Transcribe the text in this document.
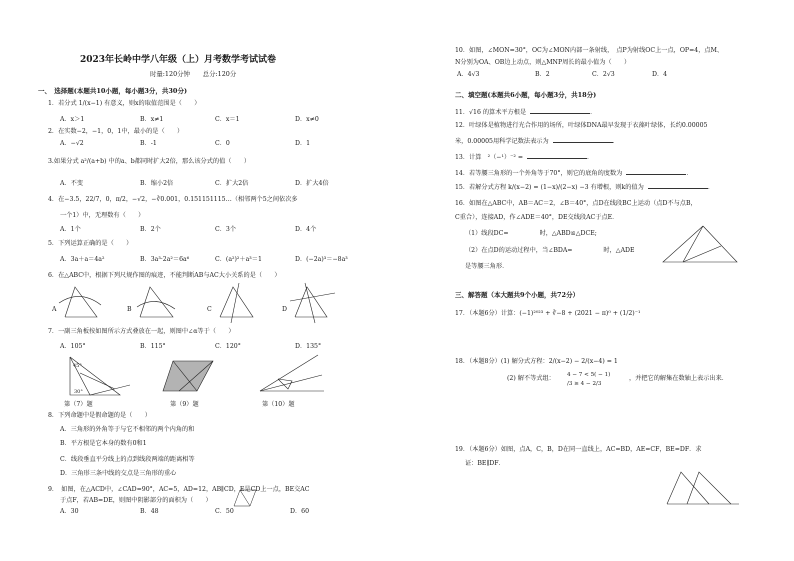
2023年长岭中学八年级（上）月考数学考试试卷
时量:120分钟　　总分:120分
一、　选择题(本题共10小题，每小题3分，共30分)
1．若分式 1/(x−1) 有意义，则x的取值范围是（　　）
A．x＞1	B．x≠1	C．x＝1	D．x≠0
2．在实数−2，−1，0，1中，最小的是（　　）
A．−√2	B．-1	C．0	D．1
3.如果分式 a²/(a+b) 中的a、b都同时扩大2倍，那么该分式的值（　　）
A．不变	B．缩小2倍	C．扩大2倍	D．扩大4倍
4．在−3.5，22/7，0，π/2，−√2，−∛0.001，0.151151115…（相邻两个5之间依次多
一个1）中，无理数有（　　）
A．1个	B．2个	C．3个	D．4个
5．下列运算正确的是（　　）
A．3a＋a＝4a²	B．3a³·2a²＝6a⁶	C．(a²)²＋a³＝1	D．(−2a)³＝−8a³
6．在△ABC中，根据下列尺规作图的痕迹，不能判断AB与AC大小关系的是（　　）
A	B	C	D
7．一副三角板按如图所示方式叠放在一起，则图中∠α等于（　　）
A．105°	B．115°	C．120°	D．135°
45°
30°
第（7）题	第（9）题	第（10）题
8．下列命题中是假命题的是（　　）
A．三角形的外角等于与它不相邻的两个内角的和
B．平方根是它本身的数有0和1
C．线段垂直平分线上的点到线段两端的距离相等
D．三角形三条中线的交点是三角形的重心
9．　如图，在△ACD中，∠CAD=90°，AC=5，AD=12，AB∥CD，E是CD上一点，BE交AC
于点F，若AB=DE，则图中阴影部分的面积为（　　）
A．30	B．48	C．50	D．60
10．如图，∠MON=30°，OC为∠MON内部一条射线，　点P为射线OC上一点，OP=4，点M、
N分别为OA、OB边上动点，则△MNP周长的最小值为（　　）
A．4√3	B．2	C．2√3	D．4
二、填空题(本题共6小题，每小题3分，共18分)
11．√16 的算术平方根是	．
12．叶绿体是植物进行光合作用的场所，叶绿体DNA最早发现于衣藻叶绿体，长约0.00005
米，0.00005用科学记数法表示为	．
13．计算　²（−¹）⁻² =	．
14．若等腰三角形的一个外角等于70°，则它的底角的度数为	．
15．若解分式方程 k/(x−2) = (1−x)/(2−x) −3 有增根，则k的值为	．
16．如图在△ABC中，AB＝AC＝2，∠B＝40°，点D在线段BC上运动（点D不与点B，
C重合），连接AD，作∠ADE＝40°，DE交线段AC于点E．
（1）线段DC=　　　　　时，△ABD≌△DCE;
（2）在点D的运动过程中，当∠BDA=　　　　　时，△ADE
是等腰三角形．
三、解答题（本大题共9个小题，共72分）
17．（本题6分）计算：(−1)²⁰²³ + ∛−8 + (2021 − π)⁰ + (1/2)⁻¹
18．（本题8分）(1) 解分式方程：2/(x−2) − 2/(x−4) = 1
(2) 解不等式组： 4 − 7 < 5( − 1)
/3 ≥ 4 − 2/3
，并把它的解集在数轴上表示出来．
19．（本题6分）如图，点A，C，B，D在同一直线上，AC=BD，AE=CF，BE=DF．求
证：BE∥DF．
